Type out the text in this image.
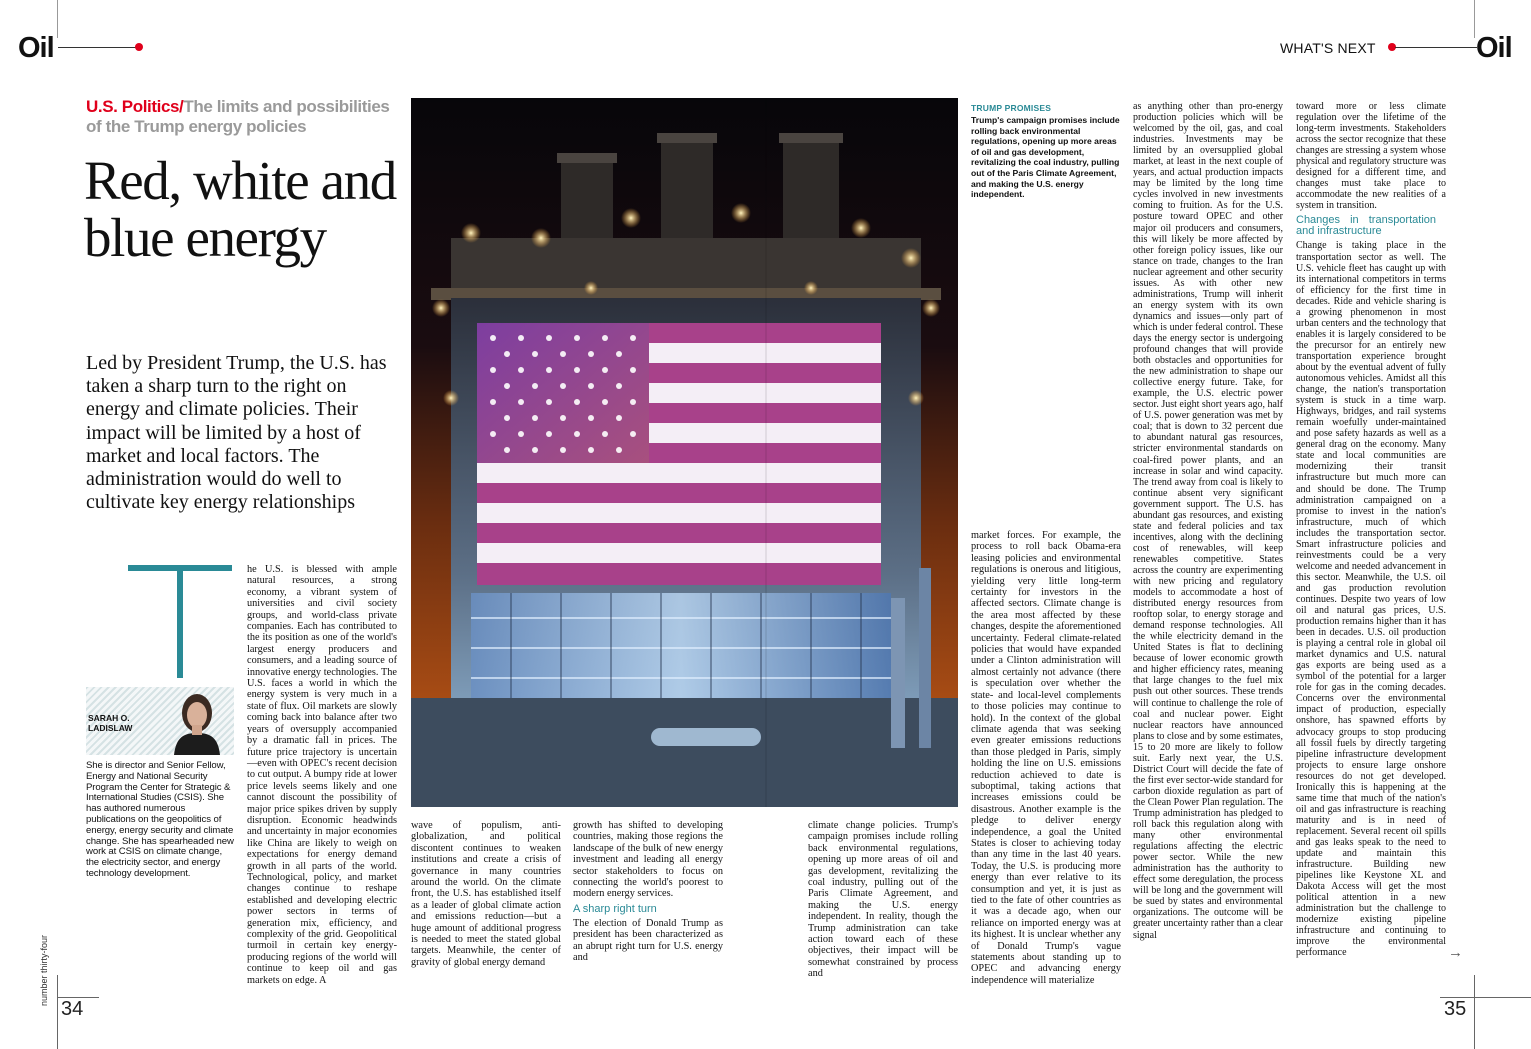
Oil	WHAT'S NEXT	Oil
U.S. Politics/The limits and possibilities of the Trump energy policies
Red, white and blue energy
Led by President Trump, the U.S. has taken a sharp turn to the right on energy and climate policies. Their impact will be limited by a host of market and local factors. The administration would do well to cultivate key energy relationships
SARAH O. LADISLAW
She is director and Senior Fellow, Energy and National Security Program the Center for Strategic & International Studies (CSIS). She has authored numerous publications on the geopolitics of energy, energy security and climate change. She has spearheaded new work at CSIS on climate change, the electricity sector, and energy technology development.

he U.S. is blessed with ample natural resources, a strong economy, a vibrant system of universities and civil society groups, and world-class private companies. Each has contributed to the its position as one of the world's largest energy producers and consumers, and a leading source of innovative energy technologies. The U.S. faces a world in which the energy system is very much in a state of flux. Oil markets are slowly coming back into balance after two years of oversupply accompanied by a dramatic fall in prices. The future price trajectory is uncertain—even with OPEC's recent decision to cut output. A bumpy ride at lower price levels seems likely and one cannot discount the possibility of major price spikes driven by supply disruption. Economic headwinds and uncertainty in major economies like China are likely to weigh on expectations for energy demand growth in all parts of the world. Technological, policy, and market changes continue to reshape established and developing electric power sectors in terms of generation mix, efficiency, and complexity of the grid. Geopolitical turmoil in certain key energy-producing regions of the world will continue to keep oil and gas markets on edge. A

wave of populism, anti-globalization, and political discontent continues to weaken institutions and create a crisis of governance in many countries around the world. On the climate front, the U.S. has established itself as a leader of global climate action and emissions reduction—but a huge amount of additional progress is needed to meet the stated global targets. Meanwhile, the center of gravity of global energy demand

growth has shifted to developing countries, making those regions the landscape of the bulk of new energy investment and leading all energy sector stakeholders to focus on connecting the world's poorest to modern energy services.

A sharp right turn

The election of Donald Trump as president has been characterized as an abrupt right turn for U.S. energy and

climate change policies. Trump's campaign promises include rolling back environmental regulations, opening up more areas of oil and gas development, revitalizing the coal industry, pulling out of the Paris Climate Agreement, and making the U.S. energy independent. In reality, though the Trump administration can take action toward each of these objectives, their impact will be somewhat constrained by process and

market forces. For example, the process to roll back Obama-era leasing policies and environmental regulations is onerous and litigious, yielding very little long-term certainty for investors in the affected sectors. Climate change is the area most affected by these changes, despite the aforementioned uncertainty. Federal climate-related policies that would have expanded under a Clinton administration will almost certainly not advance (there is speculation over whether the state- and local-level complements to those policies may continue to hold). In the context of the global climate agenda that was seeking even greater emissions reductions than those pledged in Paris, simply holding the line on U.S. emissions reduction achieved to date is suboptimal, taking actions that increases emissions could be disastrous. Another example is the pledge to deliver energy independence, a goal the United States is closer to achieving today than any time in the last 40 years. Today, the U.S. is producing more energy than ever relative to its consumption and yet, it is just as tied to the fate of other countries as it was a decade ago, when our reliance on imported energy was at its highest. It is unclear whether any of Donald Trump's vague statements about standing up to OPEC and advancing energy independence will materialize

as anything other than pro-energy production policies which will be welcomed by the oil, gas, and coal industries. Investments may be limited by an oversupplied global market, at least in the next couple of years, and actual production impacts may be limited by the long time cycles involved in new investments coming to fruition. As for the U.S. posture toward OPEC and other major oil producers and consumers, this will likely be more affected by other foreign policy issues, like our stance on trade, changes to the Iran nuclear agreement and other security issues. As with other new administrations, Trump will inherit an energy system with its own dynamics and issues—only part of which is under federal control. These days the energy sector is undergoing profound changes that will provide both obstacles and opportunities for the new administration to shape our collective energy future. Take, for example, the U.S. electric power sector. Just eight short years ago, half of U.S. power generation was met by coal; that is down to 32 percent due to abundant natural gas resources, stricter environmental standards on coal-fired power plants, and an increase in solar and wind capacity. The trend away from coal is likely to continue absent very significant government support. The U.S. has abundant gas resources, and existing state and federal policies and tax incentives, along with the declining cost of renewables, will keep renewables competitive. States across the country are experimenting with new pricing and regulatory models to accommodate a host of distributed energy resources from rooftop solar, to energy storage and demand response technologies. All the while electricity demand in the United States is flat to declining because of lower economic growth and higher efficiency rates, meaning that large changes to the fuel mix push out other sources. These trends will continue to challenge the role of coal and nuclear power. Eight nuclear reactors have announced plans to close and by some estimates, 15 to 20 more are likely to follow suit. Early next year, the U.S. District Court will decide the fate of the first ever sector-wide standard for carbon dioxide regulation as part of the Clean Power Plan regulation. The Trump administration has pledged to roll back this regulation along with many other environmental regulations affecting the electric power sector. While the new administration has the authority to effect some deregulation, the process will be long and the government will be sued by states and environmental organizations. The outcome will be greater uncertainty rather than a clear signal

toward more or less climate regulation over the lifetime of the long-term investments. Stakeholders across the sector recognize that these changes are stressing a system whose physical and regulatory structure was designed for a different time, and changes must take place to accommodate the new realities of a system in transition.

Changes in transportation and infrastructure

Change is taking place in the transportation sector as well. The U.S. vehicle fleet has caught up with its international competitors in terms of efficiency for the first time in decades. Ride and vehicle sharing is a growing phenomenon in most urban centers and the technology that enables it is largely considered to be the precursor for an entirely new transportation experience brought about by the eventual advent of fully autonomous vehicles. Amidst all this change, the nation's transportation system is stuck in a time warp. Highways, bridges, and rail systems remain woefully under-maintained and pose safety hazards as well as a general drag on the economy. Many state and local communities are modernizing their transit infrastructure but much more can and should be done. The Trump administration campaigned on a promise to invest in the nation's infrastructure, much of which includes the transportation sector. Smart infrastructure policies and reinvestments could be a very welcome and needed advancement in this sector. Meanwhile, the U.S. oil and gas production revolution continues. Despite two years of low oil and natural gas prices, U.S. production remains higher than it has been in decades. U.S. oil production is playing a central role in global oil market dynamics and U.S. natural gas exports are being used as a symbol of the potential for a larger role for gas in the coming decades. Concerns over the environmental impact of production, especially onshore, has spawned efforts by advocacy groups to stop producing all fossil fuels by directly targeting pipeline infrastructure development projects to ensure large onshore resources do not get developed. Ironically this is happening at the same time that much of the nation's oil and gas infrastructure is reaching maturity and is in need of replacement. Several recent oil spills and gas leaks speak to the need to update and maintain this infrastructure. Building new pipelines like Keystone XL and Dakota Access will get the most political attention in a new administration but the challenge to modernize existing pipeline infrastructure and continuing to improve the environmental performance	→
TRUMP PROMISES
Trump's campaign promises include rolling back environmental regulations, opening up more areas of oil and gas development, revitalizing the coal industry, pulling out of the Paris Climate Agreement, and making the U.S. energy independent.
number thirty-four
34	35
